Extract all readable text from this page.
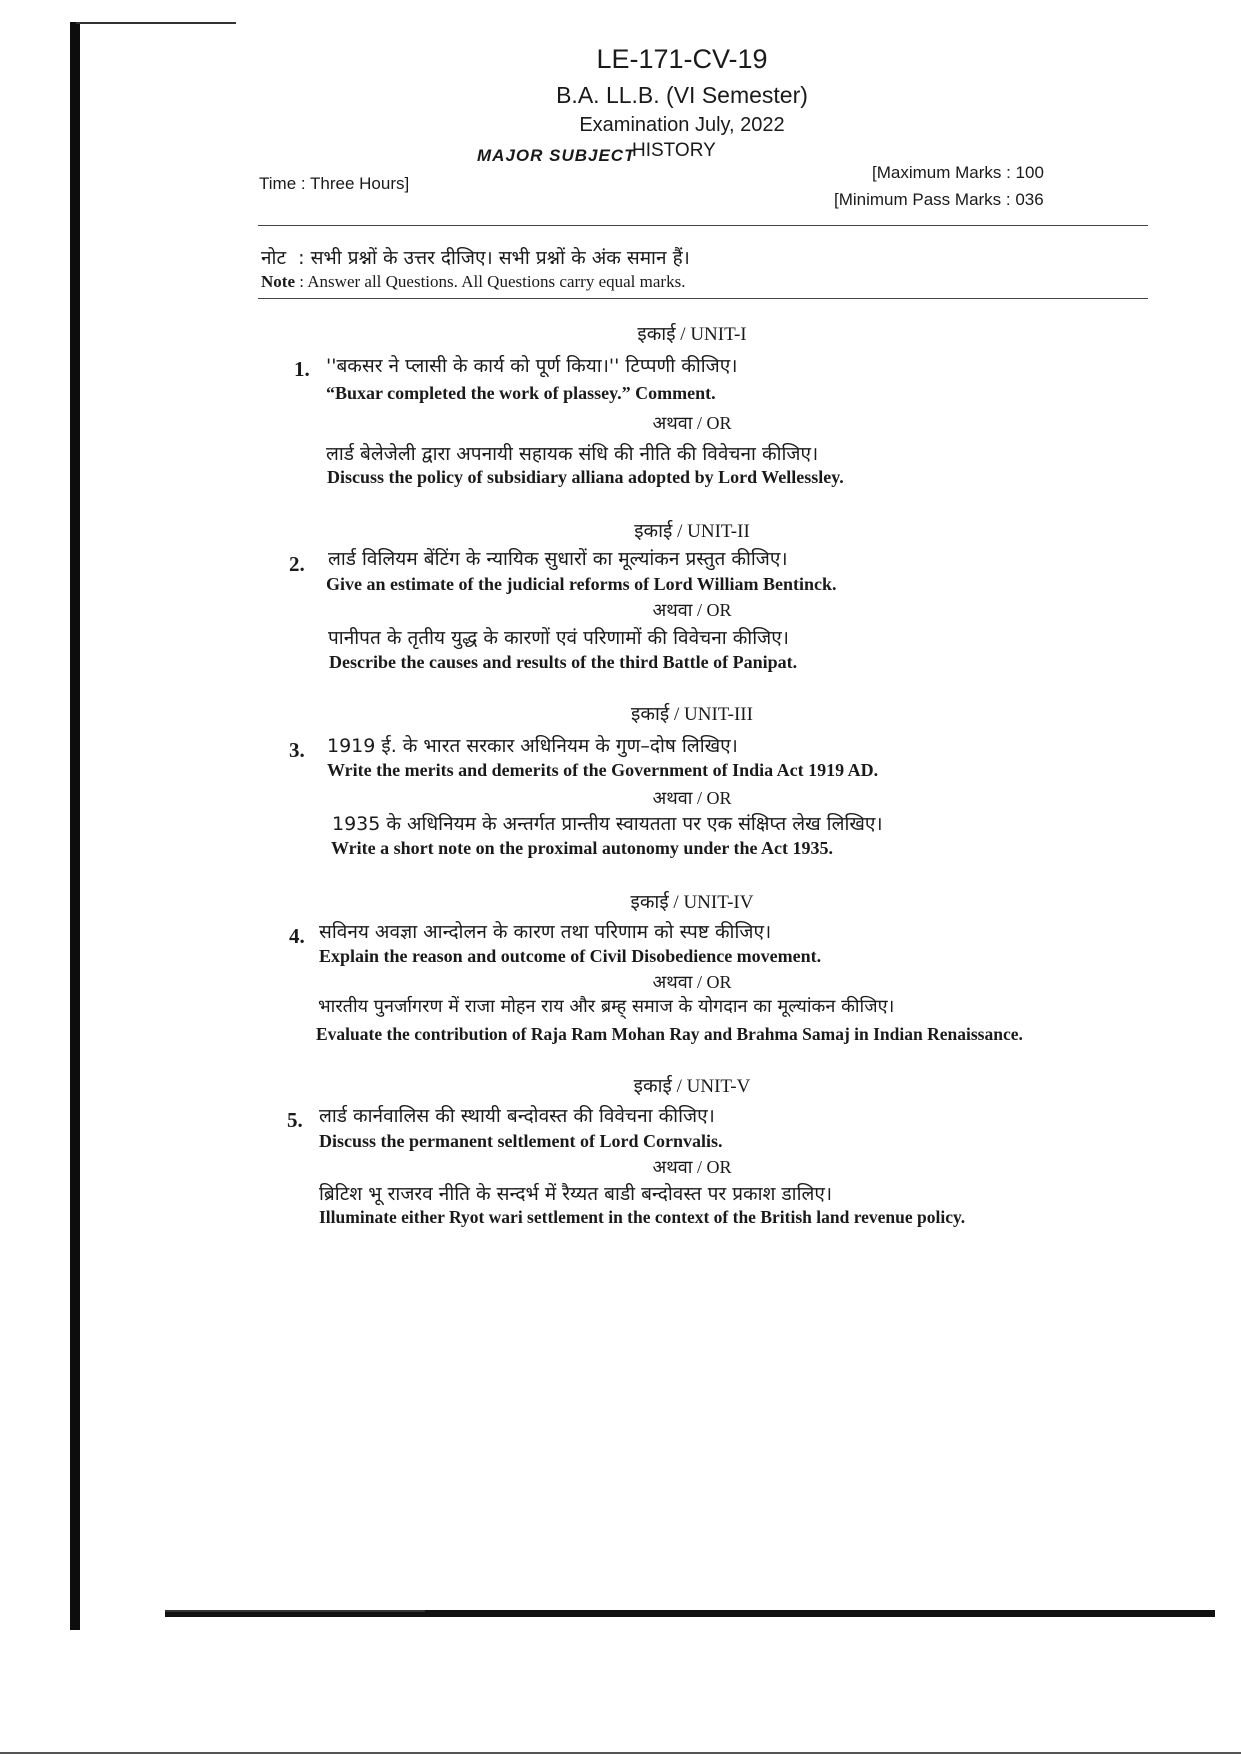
LE-171-CV-19
B.A. LL.B. (VI Semester)
Examination July, 2022
MAJOR SUBJECT
HISTORY
Time : Three Hours]
[Maximum Marks : 100
[Minimum Pass Marks : 036
नोट : सभी प्रश्नों के उत्तर दीजिए। सभी प्रश्नों के अंक समान हैं।
Note : Answer all Questions. All Questions carry equal marks.
इकाई / UNIT-I
1. ''बकसर ने प्लासी के कार्य को पूर्ण किया।'' टिप्पणी कीजिए।
“Buxar completed the work of plassey.” Comment.
अथवा / OR
लार्ड बेलेजेली द्वारा अपनायी सहायक संधि की नीति की विवेचना कीजिए।
Discuss the policy of subsidiary alliana adopted by Lord Wellessley.
इकाई / UNIT-II
2. लार्ड विलियम बेंटिंग के न्यायिक सुधारों का मूल्यांकन प्रस्तुत कीजिए।
Give an estimate of the judicial reforms of Lord William Bentinck.
अथवा / OR
पानीपत के तृतीय युद्ध के कारणों एवं परिणामों की विवेचना कीजिए।
Describe the causes and results of the third Battle of Panipat.
इकाई / UNIT-III
3. 1919 ई. के भारत सरकार अधिनियम के गुण–दोष लिखिए।
Write the merits and demerits of the Government of India Act 1919 AD.
अथवा / OR
1935 के अधिनियम के अन्तर्गत प्रान्तीय स्वायतता पर एक संक्षिप्त लेख लिखिए।
Write a short note on the proximal autonomy under the Act 1935.
इकाई / UNIT-IV
4. सविनय अवज्ञा आन्दोलन के कारण तथा परिणाम को स्पष्ट कीजिए।
Explain the reason and outcome of Civil Disobedience movement.
अथवा / OR
भारतीय पुनर्जागरण में राजा मोहन राय और ब्रम्ह् समाज के योगदान का मूल्यांकन कीजिए।
Evaluate the contribution of Raja Ram Mohan Ray and Brahma Samaj in Indian Renaissance.
इकाई / UNIT-V
5. लार्ड कार्नवालिस की स्थायी बन्दोवस्त की विवेचना कीजिए।
Discuss the permanent seltlement of Lord Cornvalis.
अथवा / OR
ब्रिटिश भू राजरव नीति के सन्दर्भ में रैय्यत बाडी बन्दोवस्त पर प्रकाश डालिए।
Illuminate either Ryot wari settlement in the context of the British land revenue policy.
